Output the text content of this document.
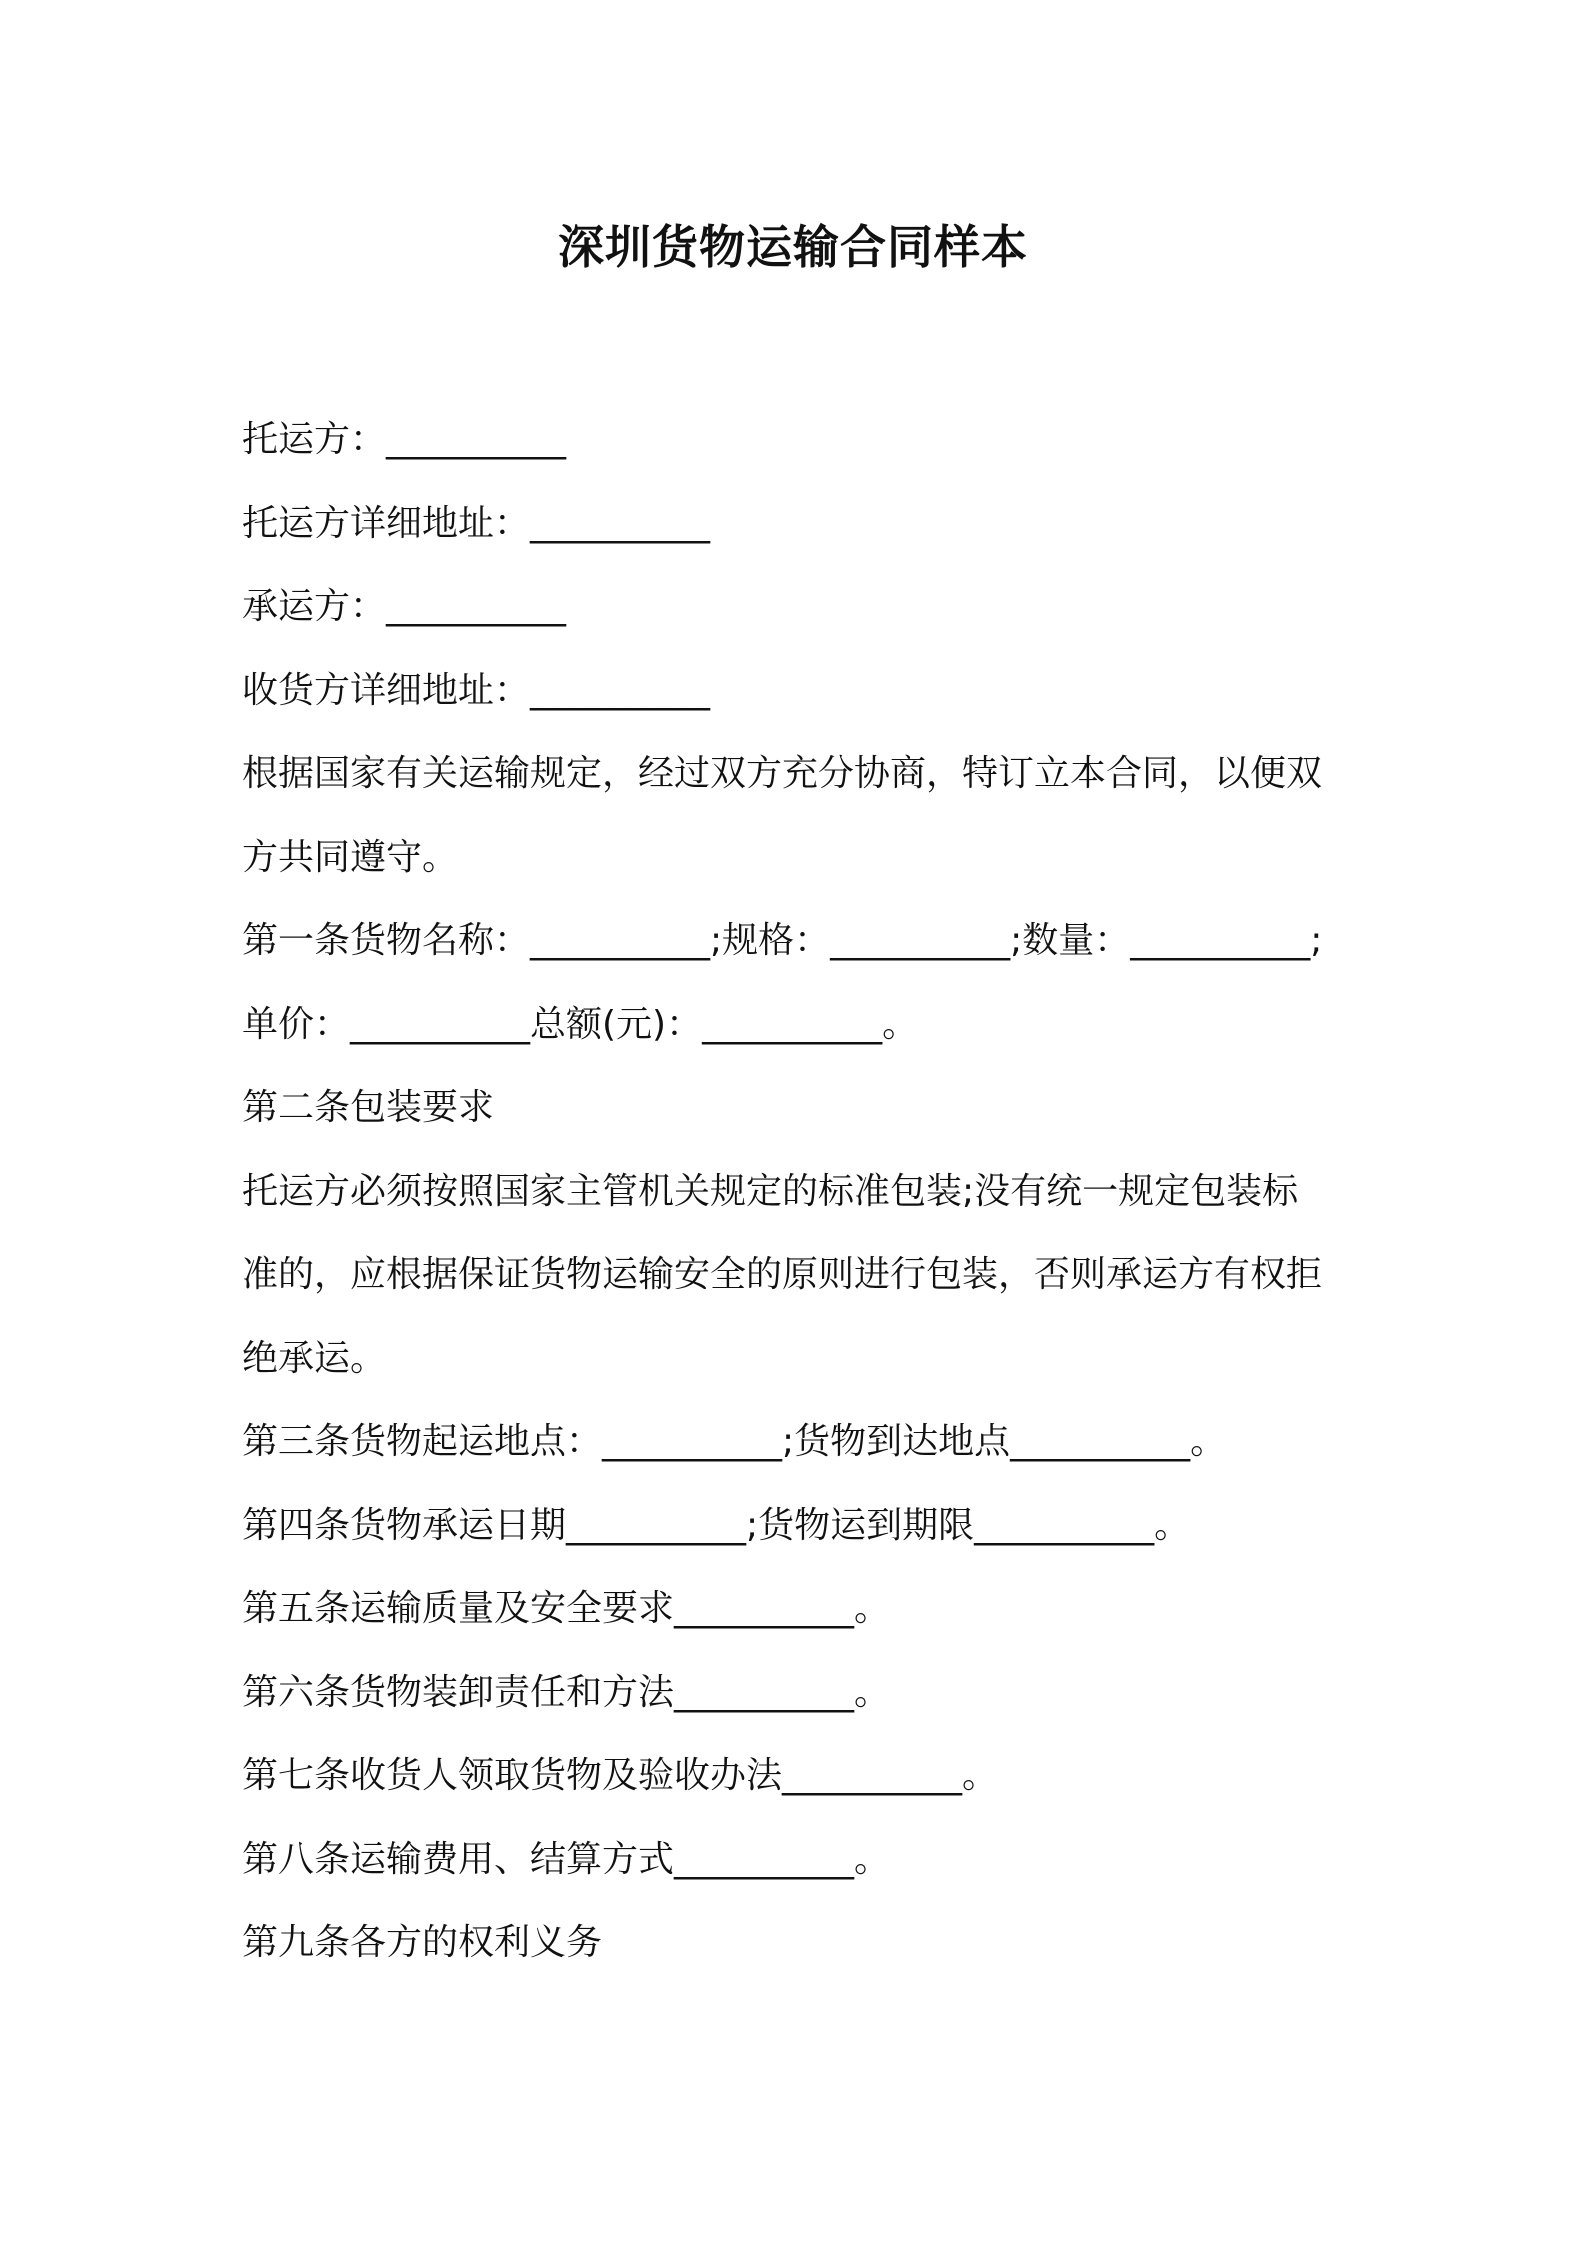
深圳货物运输合同样本

托运方：__________

托运方详细地址：__________

承运方：__________

收货方详细地址：__________

根据国家有关运输规定，经过双方充分协商，特订立本合同，以便双

方共同遵守。

第一条货物名称：__________;规格：__________;数量：__________;

单价：__________总额(元)：__________。

第二条包装要求

托运方必须按照国家主管机关规定的标准包装;没有统一规定包装标

准的，应根据保证货物运输安全的原则进行包装，否则承运方有权拒

绝承运。

第三条货物起运地点：__________;货物到达地点__________。

第四条货物承运日期__________;货物运到期限__________。

第五条运输质量及安全要求__________。

第六条货物装卸责任和方法__________。

第七条收货人领取货物及验收办法__________。

第八条运输费用、结算方式__________。

第九条各方的权利义务
